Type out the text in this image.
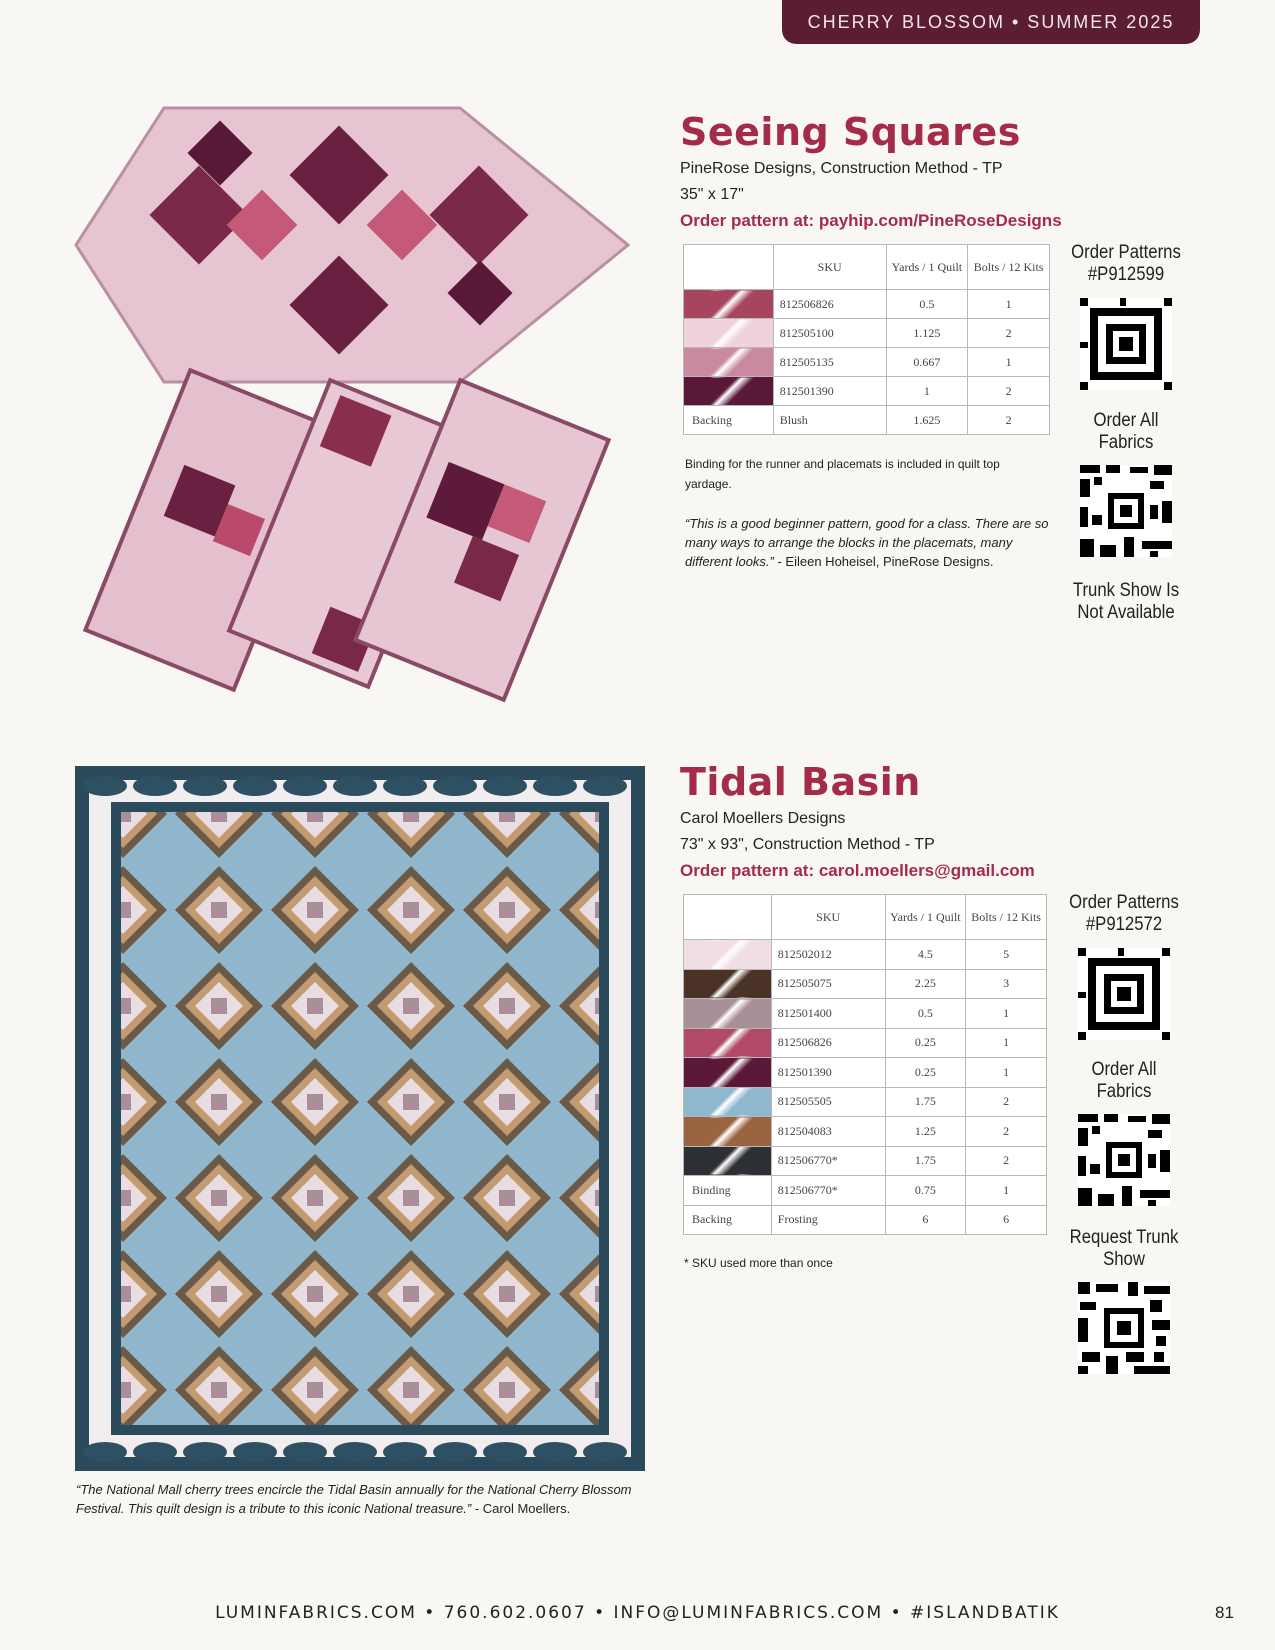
CHERRY BLOSSOM • SUMMER 2025
Seeing Squares
PineRose Designs, Construction Method - TP
35" x 17"
Order pattern at: payhip.com/PineRoseDesigns
	SKU	Yards / 1 Quilt	Bolts / 12 Kits
	812506826	0.5	1
	812505100	1.125	2
	812505135	0.667	1
	812501390	1	2
Backing	Blush	1.625	2
Binding for the runner and placemats is included in quilt top yardage.
“This is a good beginner pattern, good for a class. There are so many ways to arrange the blocks in the placemats, many different looks.” - Eileen Hoheisel, PineRose Designs.
Order Patterns
#P912599
Order All Fabrics
Trunk Show Is Not Available
Tidal Basin
Carol Moellers Designs
73" x 93", Construction Method - TP
Order pattern at: carol.moellers@gmail.com
	SKU	Yards / 1 Quilt	Bolts / 12 Kits
	812502012	4.5	5
	812505075	2.25	3
	812501400	0.5	1
	812506826	0.25	1
	812501390	0.25	1
	812505505	1.75	2
	812504083	1.25	2
	812506770*	1.75	2
Binding	812506770*	0.75	1
Backing	Frosting	6	6
* SKU used more than once
“The National Mall cherry trees encircle the Tidal Basin annually for the National Cherry Blossom Festival. This quilt design is a tribute to this iconic National treasure.” - Carol Moellers.
Order Patterns
#P912572
Order All Fabrics
Request Trunk Show
LUMINFABRICS.COM • 760.602.0607 • INFO@LUMINFABRICS.COM • #ISLANDBATIK	81
